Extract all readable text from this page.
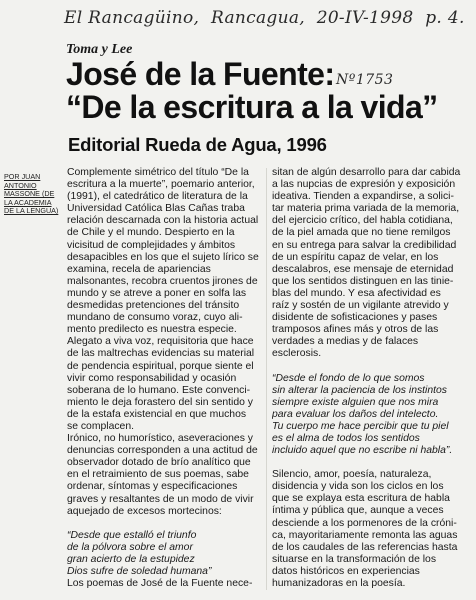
El Rancagüino, Rancagua, 20-IV-1998 p. 4.
Nº1753
Toma y Lee
José de la Fuente:
“De la escritura a la vida”
Editorial Rueda de Agua, 1996
POR JUAN
ANTONIO
MASSONE (DE
LA ACADEMIA
DE LA LENGUA)
Complemente simétrico del título “De la
escritura a la muerte”, poemario anterior,
(1991), el catedrático de literatura de la
Universidad Católica Blas Cañas traba
relación descarnada con la historia actual
de Chile y el mundo. Despierto en la
vicisitud de complejidades y ámbitos
desapacibles en los que el sujeto lírico se
examina, recela de apariencias
malsonantes, recobra cruentos jirones de
mundo y se atreve a poner en solfa las
desmedidas pretenciones del tránsito
mundano de consumo voraz, cuyo ali-
mento predilecto es nuestra especie.
Alegato a viva voz, requisitoria que hace
de las maltrechas evidencias su material
de pendencia espiritual, porque siente el
vivir como responsabilidad y ocasión
soberana de lo humano. Este convenci-
miento le deja forastero del sin sentido y
de la estafa existencial en que muchos
se complacen.
Irónico, no humorístico, aseveraciones y
denuncias corresponden a una actitud de
observador dotado de brío analítico que
en el retraimiento de sus poemas, sabe
ordenar, síntomas y especificaciones
graves y resaltantes de un modo de vivir
aquejado de excesos mortecinos:
“Desde que estalló el triunfo
de la pólvora sobre el amor
gran acierto de la estupidez
Dios sufre de soledad humana”
Los poemas de José de la Fuente nece-
sitan de algún desarrollo para dar cabida
a las nupcias de expresión y exposición
ideativa. Tienden a expandirse, a solici-
tar materia prima variada de la memoria,
del ejercicio crítico, del habla cotidiana,
de la piel amada que no tiene remilgos
en su entrega para salvar la credibilidad
de un espíritu capaz de velar, en los
descalabros, ese mensaje de eternidad
que los sentidos distinguen en las tinie-
blas del mundo. Y esa afectividad es
raíz y sostén de un vigilante atrevido y
disidente de sofisticaciones y pases
tramposos afines más y otros de las
verdades a medias y de falaces
esclerosis.
“Desde el fondo de lo que somos
sin alterar la paciencia de los instintos
siempre existe alguien que nos mira
para evaluar los daños del intelecto.
Tu cuerpo me hace percibir que tu piel
es el alma de todos los sentidos
incluido aquel que no escribe ni habla”.
Silencio, amor, poesía, naturaleza,
disidencia y vida son los ciclos en los
que se explaya esta escritura de habla
íntima y pública que, aunque a veces
desciende a los pormenores de la cróni-
ca, mayoritariamente remonta las aguas
de los caudales de las referencias hasta
situarse en la transformación de los
datos históricos en experiencias
humanizadoras en la poesía.
